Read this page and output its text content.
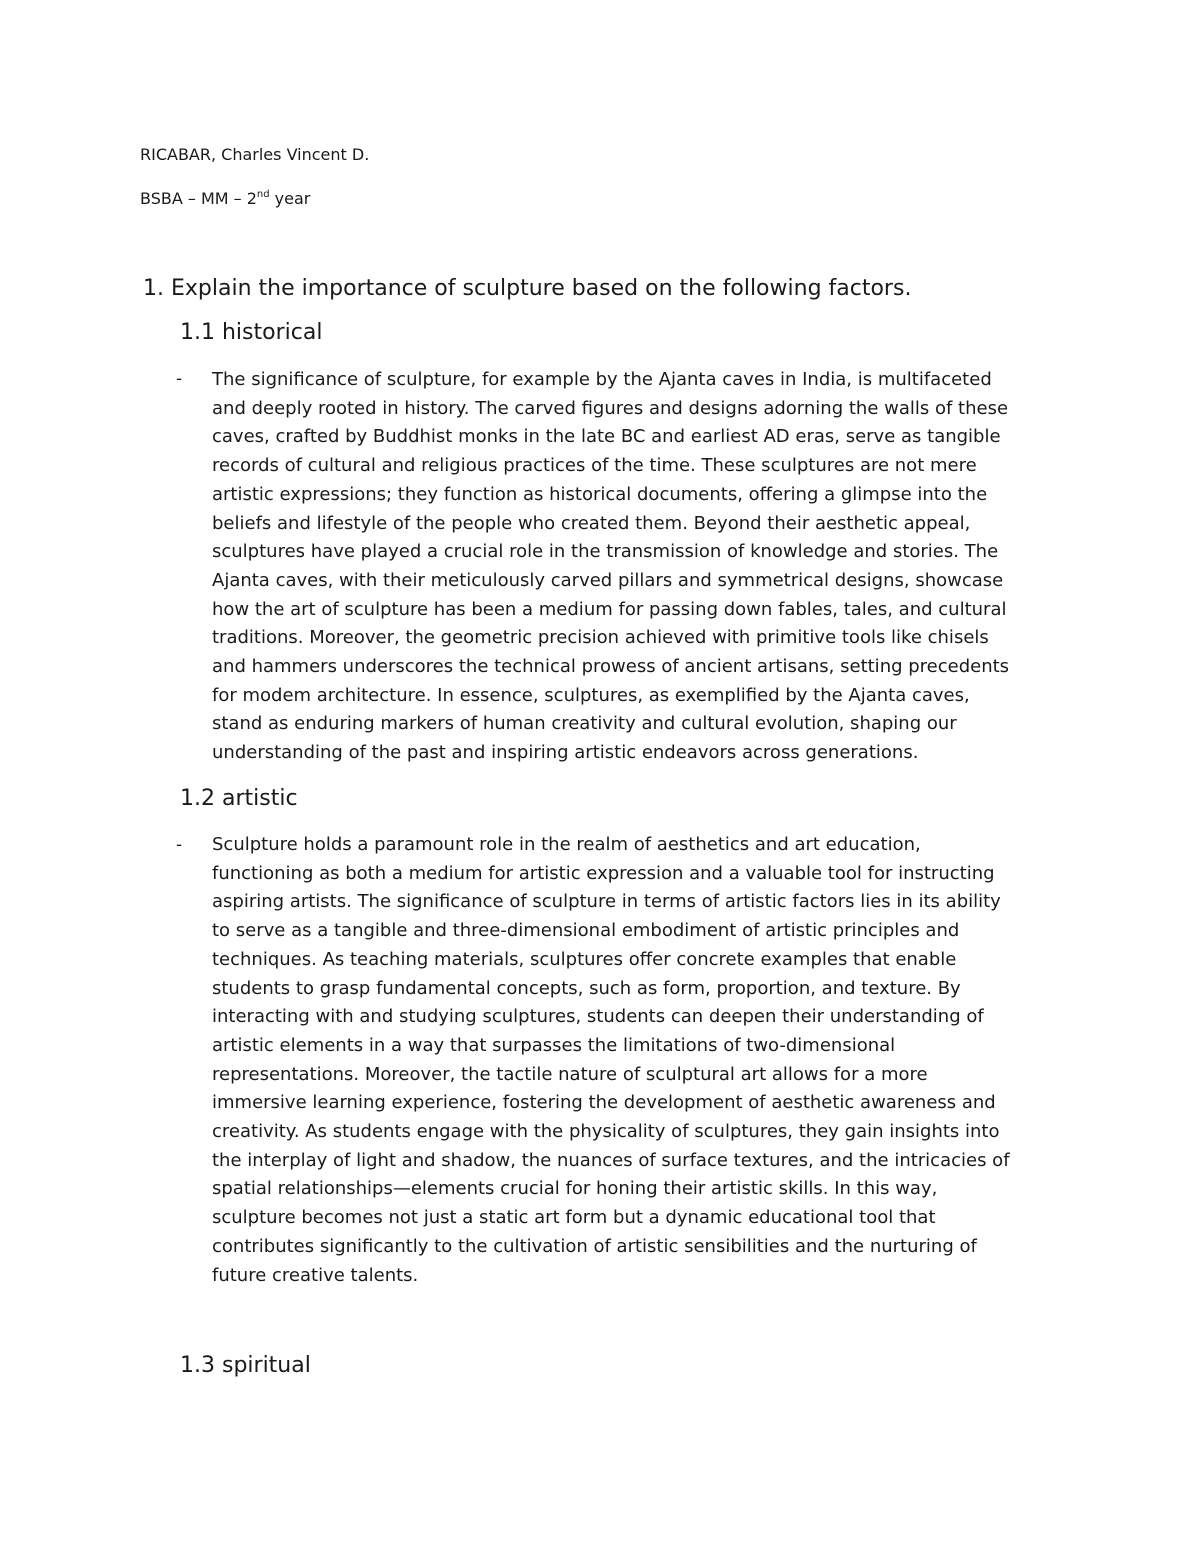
RICABAR, Charles Vincent D.
BSBA – MM – 2nd year
1. Explain the importance of sculpture based on the following factors.
1.1 historical
- The significance of sculpture, for example by the Ajanta caves in India, is multifaceted
and deeply rooted in history. The carved figures and designs adorning the walls of these
caves, crafted by Buddhist monks in the late BC and earliest AD eras, serve as tangible
records of cultural and religious practices of the time. These sculptures are not mere
artistic expressions; they function as historical documents, offering a glimpse into the
beliefs and lifestyle of the people who created them. Beyond their aesthetic appeal,
sculptures have played a crucial role in the transmission of knowledge and stories. The
Ajanta caves, with their meticulously carved pillars and symmetrical designs, showcase
how the art of sculpture has been a medium for passing down fables, tales, and cultural
traditions. Moreover, the geometric precision achieved with primitive tools like chisels
and hammers underscores the technical prowess of ancient artisans, setting precedents
for modem architecture. In essence, sculptures, as exemplified by the Ajanta caves,
stand as enduring markers of human creativity and cultural evolution, shaping our
understanding of the past and inspiring artistic endeavors across generations.

1.2 artistic
- Sculpture holds a paramount role in the realm of aesthetics and art education,
functioning as both a medium for artistic expression and a valuable tool for instructing
aspiring artists. The significance of sculpture in terms of artistic factors lies in its ability
to serve as a tangible and three-dimensional embodiment of artistic principles and
techniques. As teaching materials, sculptures offer concrete examples that enable
students to grasp fundamental concepts, such as form, proportion, and texture. By
interacting with and studying sculptures, students can deepen their understanding of
artistic elements in a way that surpasses the limitations of two-dimensional
representations. Moreover, the tactile nature of sculptural art allows for a more
immersive learning experience, fostering the development of aesthetic awareness and
creativity. As students engage with the physicality of sculptures, they gain insights into
the interplay of light and shadow, the nuances of surface textures, and the intricacies of
spatial relationships—elements crucial for honing their artistic skills. In this way,
sculpture becomes not just a static art form but a dynamic educational tool that
contributes significantly to the cultivation of artistic sensibilities and the nurturing of
future creative talents.

1.3 spiritual
